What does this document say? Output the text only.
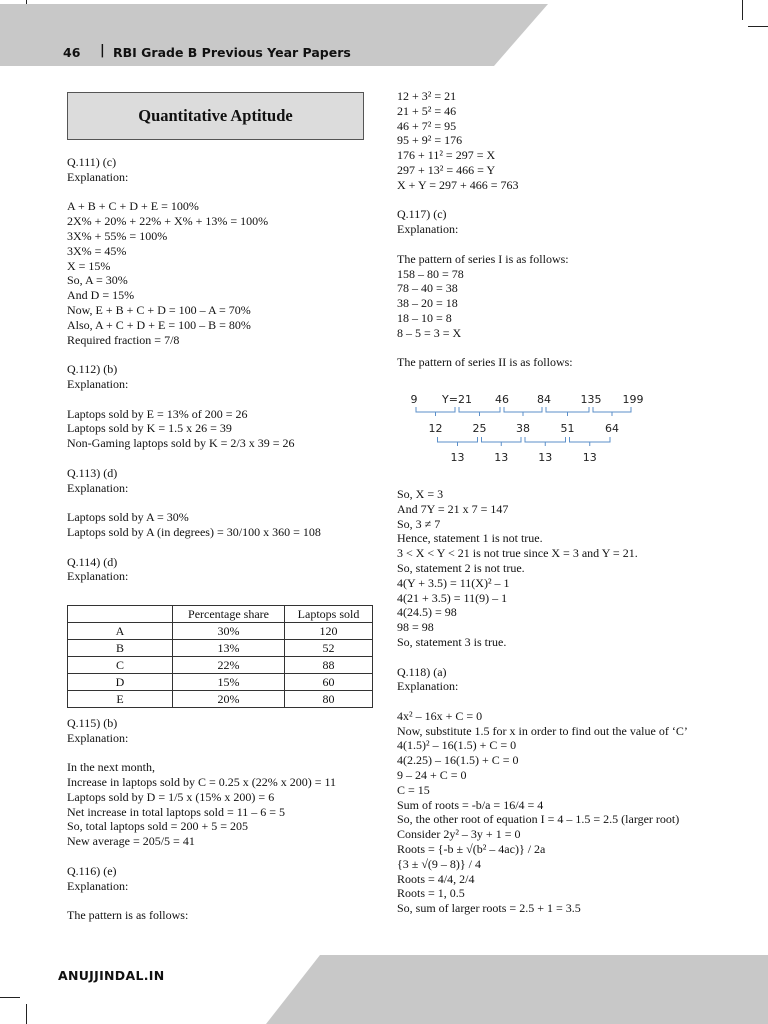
46 | RBI Grade B Previous Year Papers
Quantitative Aptitude
Q.111) (c)
Explanation:
A + B + C + D + E = 100%
2X% + 20% + 22% + X% + 13% = 100%
3X% + 55% = 100%
3X% = 45%
X = 15%
So, A = 30%
And D = 15%
Now, E + B + C + D = 100 – A = 70%
Also, A + C + D + E = 100 – B = 80%
Required fraction = 7/8
Q.112) (b)
Explanation:
Laptops sold by E = 13% of 200 = 26
Laptops sold by K = 1.5 x 26 = 39
Non-Gaming laptops sold by K = 2/3 x 39 = 26
Q.113) (d)
Explanation:
Laptops sold by A = 30%
Laptops sold by A (in degrees) = 30/100 x 360 = 108
Q.114) (d)
Explanation:
	Percentage share	Laptops sold
A	30%	120
B	13%	52
C	22%	88
D	15%	60
E	20%	80
Q.115) (b)
Explanation:
In the next month,
Increase in laptops sold by C = 0.25 x (22% x 200) = 11
Laptops sold by D = 1/5 x (15% x 200) = 6
Net increase in total laptops sold = 11 – 6 = 5
So, total laptops sold = 200 + 5 = 205
New average = 205/5 = 41
Q.116) (e)
Explanation:
The pattern is as follows:
12 + 3² = 21
21 + 5² = 46
46 + 7² = 95
95 + 9² = 176
176 + 11² = 297 = X
297 + 13² = 466 = Y
X + Y = 297 + 466 = 763
Q.117) (c)
Explanation:
The pattern of series I is as follows:
158 – 80 = 78
78 – 40 = 38
38 – 20 = 18
18 – 10 = 8
8 – 5 = 3 = X
The pattern of series II is as follows:
9 Y=21 46	84	135 199
12	25	38	51	64
13	13	13	13
So, X = 3
And 7Y = 21 x 7 = 147
So, 3 ≠ 7
Hence, statement 1 is not true.
3 < X < Y < 21 is not true since X = 3 and Y = 21.
So, statement 2 is not true.
4(Y + 3.5) = 11(X)² – 1
4(21 + 3.5) = 11(9) – 1
4(24.5) = 98
98 = 98
So, statement 3 is true.
Q.118) (a)
Explanation:
4x² – 16x + C = 0
Now, substitute 1.5 for x in order to find out the value of ‘C’
4(1.5)² – 16(1.5) + C = 0
4(2.25) – 16(1.5) + C = 0
9 – 24 + C = 0
C = 15
Sum of roots = -b/a = 16/4 = 4
So, the other root of equation I = 4 – 1.5 = 2.5 (larger root)
Consider 2y² – 3y + 1 = 0
Roots = {-b ± √(b² – 4ac)} / 2a
{3 ± √(9 – 8)} / 4
Roots = 4/4, 2/4
Roots = 1, 0.5
So, sum of larger roots = 2.5 + 1 = 3.5
ANUJJINDAL.IN
